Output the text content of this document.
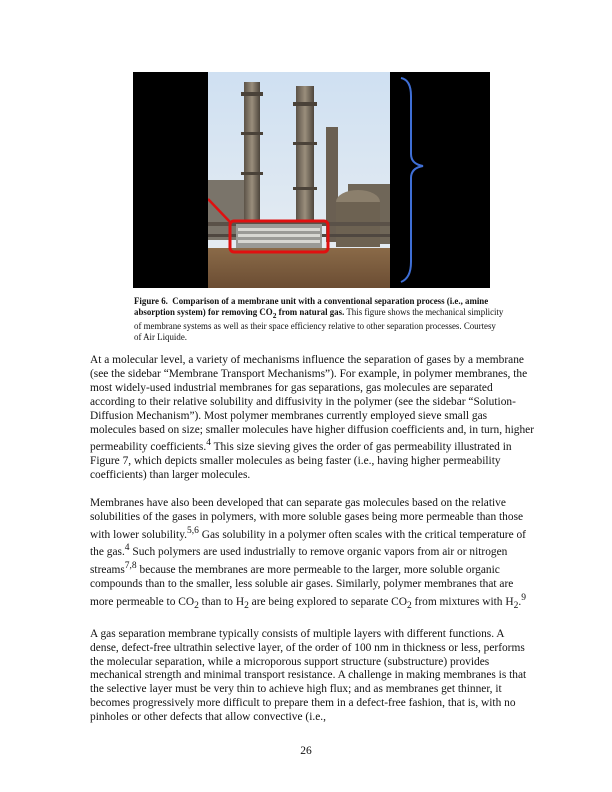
Figure 6. Comparison of a membrane unit with a conventional separation process (i.e., amine absorption system) for removing $CO_2$ from natural gas. This figure shows the mechanical simplicity of membrane systems as well as their space efficiency relative to other separation processes. Courtesy of Air Liquide.

At a molecular level, a variety of mechanisms influence the separation of gases by a membrane (see the sidebar “Membrane Transport Mechanisms”). For example, in polymer membranes, the most widely-used industrial membranes for gas separations, gas molecules are separated according to their relative solubility and diffusivity in the polymer (see the sidebar “Solution-Diffusion Mechanism”). Most polymer membranes currently employed sieve small gas molecules based on size; smaller molecules have higher diffusion coefficients and, in turn, higher permeability coefficients.$^4$ This size sieving gives the order of gas permeability illustrated in Figure 7, which depicts smaller molecules as being faster (i.e., having higher permeability coefficients) than larger molecules.

Membranes have also been developed that can separate gas molecules based on the relative solubilities of the gases in polymers, with more soluble gases being more permeable than those with lower solubility.$^{5,6}$ Gas solubility in a polymer often scales with the critical temperature of the gas.$^4$ Such polymers are used industrially to remove organic vapors from air or nitrogen streams$^{7,8}$ because the membranes are more permeable to the larger, more soluble organic compounds than to the smaller, less soluble air gases. Similarly, polymer membranes that are more permeable to $CO_2$ than to $H_2$ are being explored to separate $CO_2$ from mixtures with $H_2.^9$

A gas separation membrane typically consists of multiple layers with different functions. A dense, defect-free ultrathin selective layer, of the order of 100 nm in thickness or less, performs the molecular separation, while a microporous support structure (substructure) provides mechanical strength and minimal transport resistance. A challenge in making membranes is that the selective layer must be very thin to achieve high flux; and as membranes get thinner, it becomes progressively more difficult to prepare them in a defect-free fashion, that is, with no pinholes or other defects that allow convective (i.e.,

26
